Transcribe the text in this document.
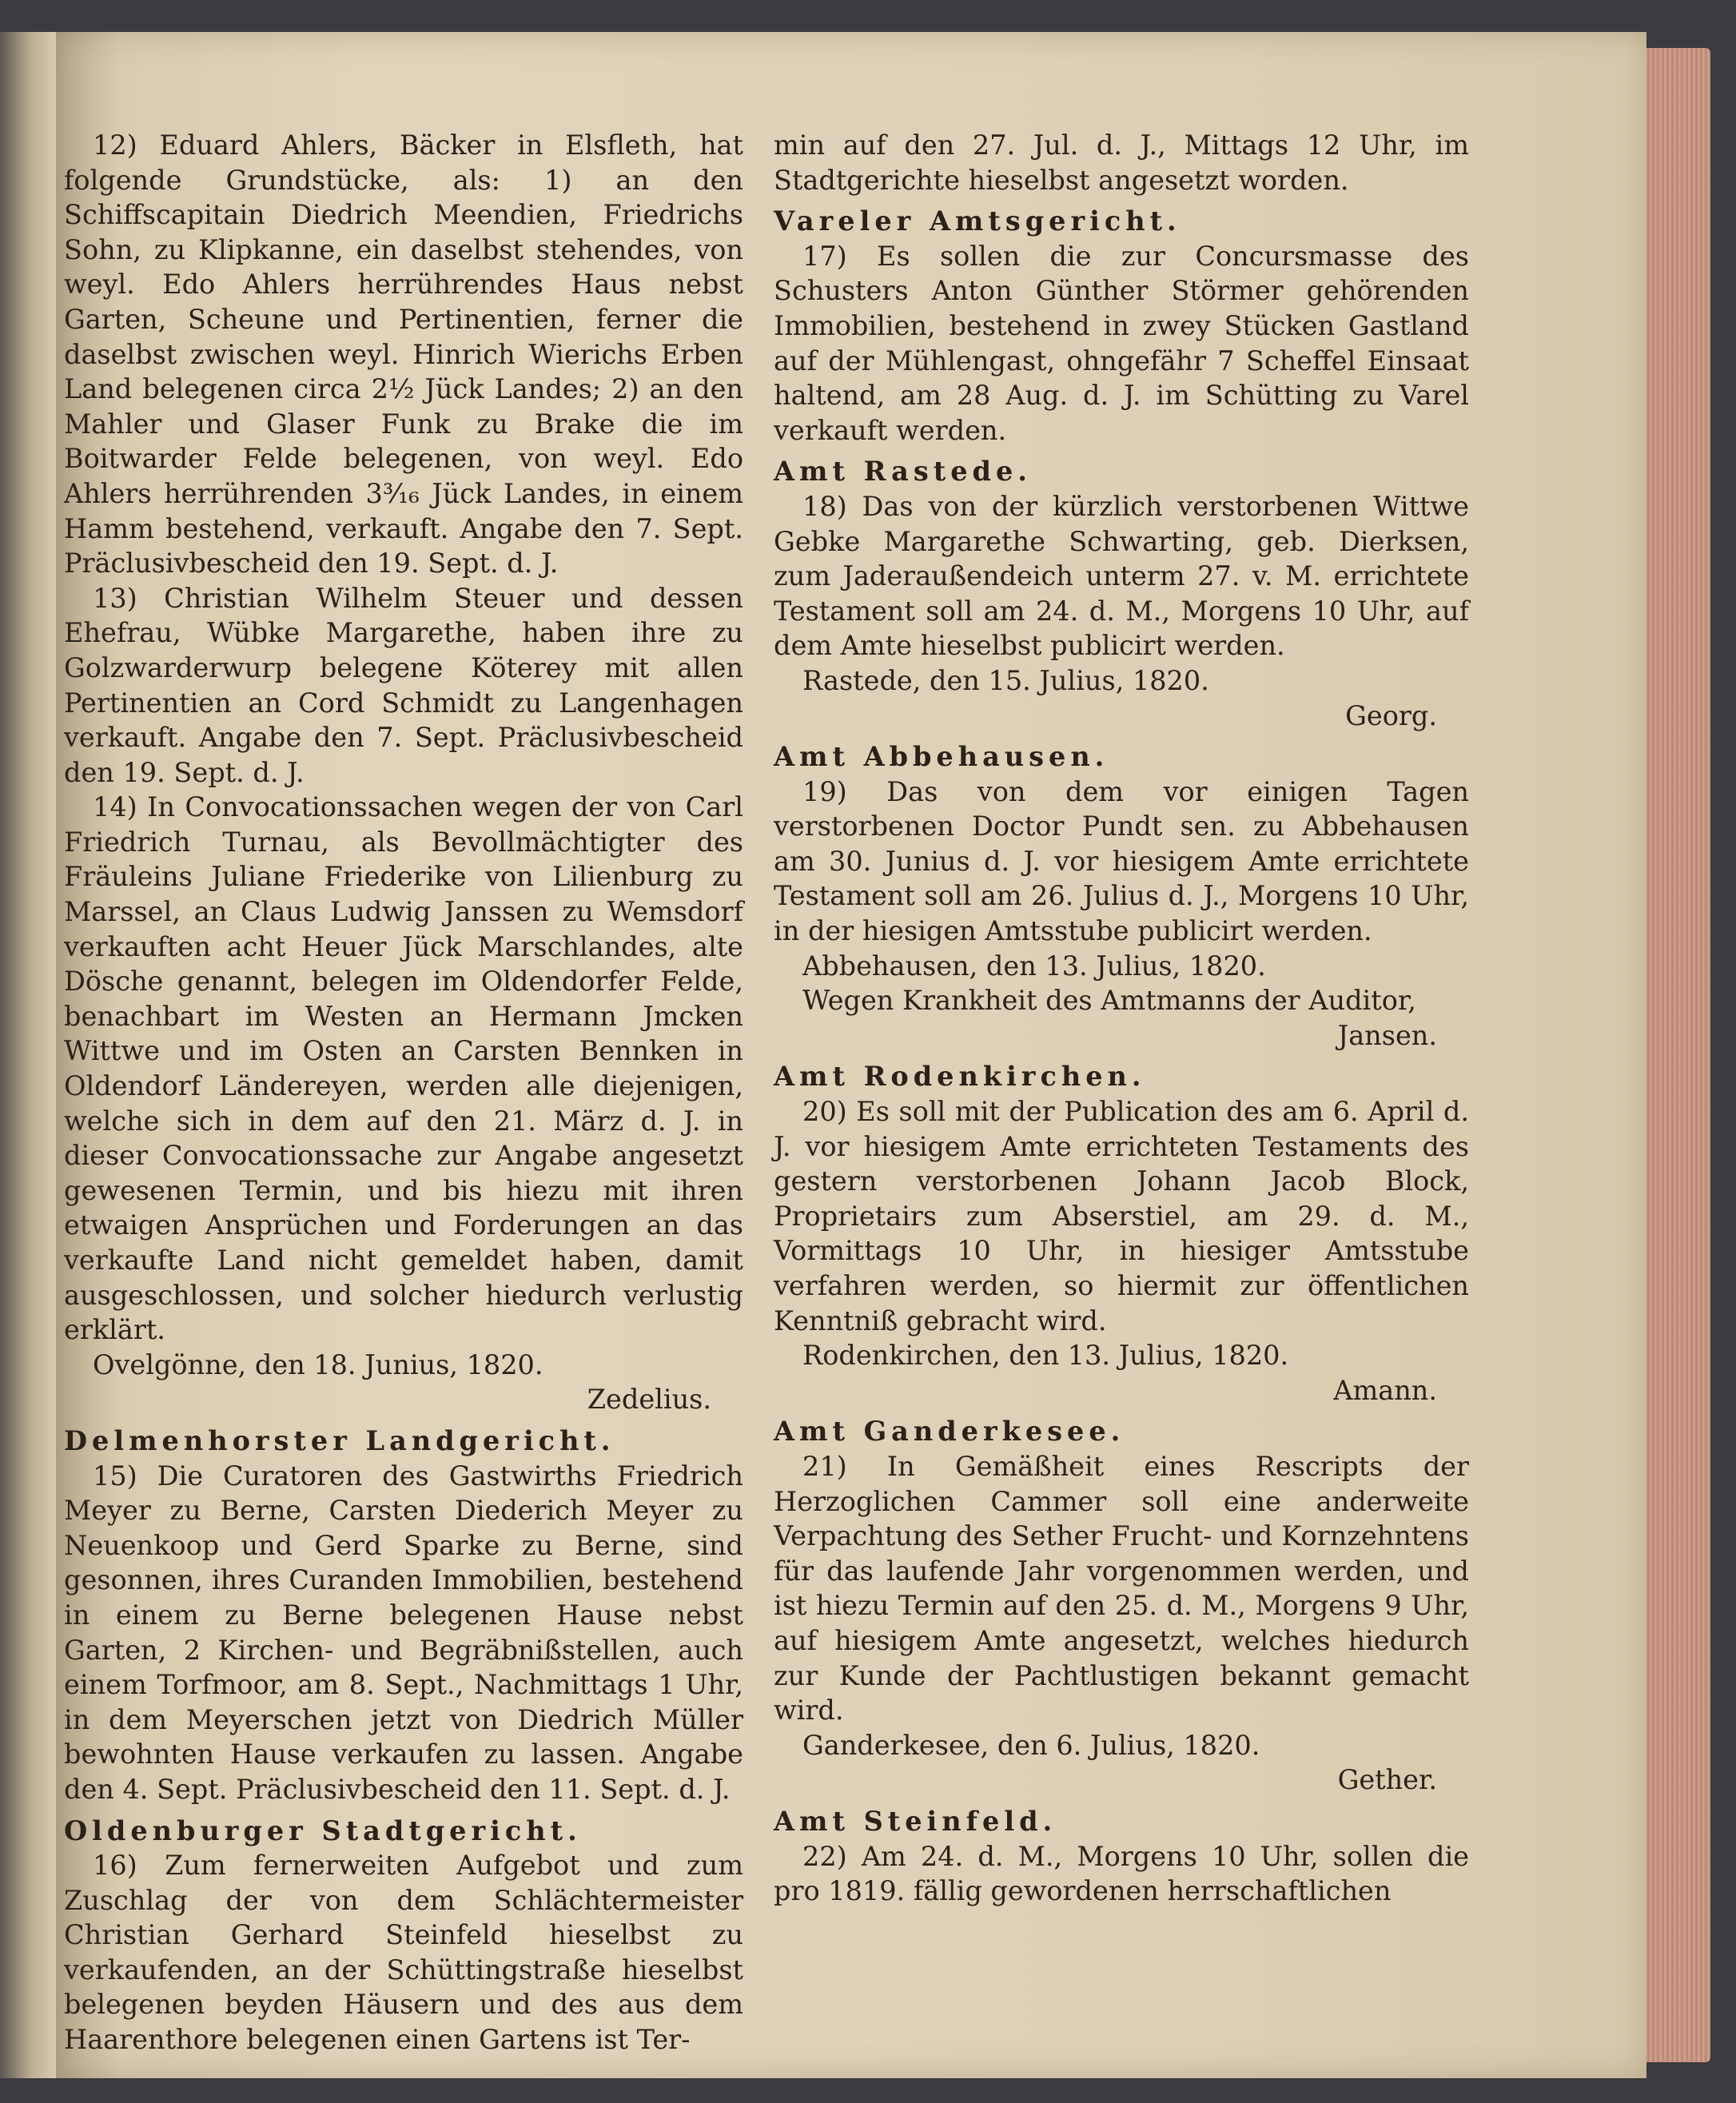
12) Eduard Ahlers, Bäcker in Elsfleth, hat folgende Grundstücke, als: 1) an den Schiffscapitain Diedrich Meendien, Friedrichs Sohn, zu Klipkanne, ein daselbst stehendes, von weyl. Edo Ahlers herrührendes Haus nebst Garten, Scheune und Pertinentien, ferner die daselbst zwischen weyl. Hinrich Wierichs Erben Land belegenen circa 2½ Jück Landes; 2) an den Mahler und Glaser Funk zu Brake die im Boitwarder Felde belegenen, von weyl. Edo Ahlers herrührenden 3³⁄₁₆ Jück Landes, in einem Hamm bestehend, verkauft. Angabe den 7. Sept. Präclusivbescheid den 19. Sept. d. J.

13) Christian Wilhelm Steuer und dessen Ehefrau, Wübke Margarethe, haben ihre zu Golzwarderwurp belegene Köterey mit allen Pertinentien an Cord Schmidt zu Langenhagen verkauft. Angabe den 7. Sept. Präclusivbescheid den 19. Sept. d. J.

14) In Convocationssachen wegen der von Carl Friedrich Turnau, als Bevollmächtigter des Fräuleins Juliane Friederike von Lilienburg zu Marssel, an Claus Ludwig Janssen zu Wemsdorf verkauften acht Heuer Jück Marschlandes, alte Dösche genannt, belegen im Oldendorfer Felde, benachbart im Westen an Hermann Jmcken Wittwe und im Osten an Carsten Bennken in Oldendorf Ländereyen, werden alle diejenigen, welche sich in dem auf den 21. März d. J. in dieser Convocationssache zur Angabe angesetzt gewesenen Termin, und bis hiezu mit ihren etwaigen Ansprüchen und Forderungen an das verkaufte Land nicht gemeldet haben, damit ausgeschlossen, und solcher hiedurch verlustig erklärt.

Ovelgönne, den 18. Junius, 1820.

Zedelius.

Delmenhorster Landgericht.

15) Die Curatoren des Gastwirths Friedrich Meyer zu Berne, Carsten Diederich Meyer zu Neuenkoop und Gerd Sparke zu Berne, sind gesonnen, ihres Curanden Immobilien, bestehend in einem zu Berne belegenen Hause nebst Garten, 2 Kirchen- und Begräbnißstellen, auch einem Torfmoor, am 8. Sept., Nachmittags 1 Uhr, in dem Meyerschen jetzt von Diedrich Müller bewohnten Hause verkaufen zu lassen. Angabe den 4. Sept. Präclusivbescheid den 11. Sept. d. J.

Oldenburger Stadtgericht.

16) Zum fernerweiten Aufgebot und zum Zuschlag der von dem Schlächtermeister Christian Gerhard Steinfeld hieselbst zu verkaufenden, an der Schüttingstraße hieselbst belegenen beyden Häusern und des aus dem Haarenthore belegenen einen Gartens ist Ter-

min auf den 27. Jul. d. J., Mittags 12 Uhr, im Stadtgerichte hieselbst angesetzt worden.

Vareler Amtsgericht.

17) Es sollen die zur Concursmasse des Schusters Anton Günther Störmer gehörenden Immobilien, bestehend in zwey Stücken Gastland auf der Mühlengast, ohngefähr 7 Scheffel Einsaat haltend, am 28 Aug. d. J. im Schütting zu Varel verkauft werden.

Amt Rastede.

18) Das von der kürzlich verstorbenen Wittwe Gebke Margarethe Schwarting, geb. Dierksen, zum Jaderaußendeich unterm 27. v. M. errichtete Testament soll am 24. d. M., Morgens 10 Uhr, auf dem Amte hieselbst publicirt werden.

Rastede, den 15. Julius, 1820.

Georg.

Amt Abbehausen.

19) Das von dem vor einigen Tagen verstorbenen Doctor Pundt sen. zu Abbehausen am 30. Junius d. J. vor hiesigem Amte errichtete Testament soll am 26. Julius d. J., Morgens 10 Uhr, in der hiesigen Amtsstube publicirt werden.

Abbehausen, den 13. Julius, 1820.

Wegen Krankheit des Amtmanns der Auditor,

Jansen.

Amt Rodenkirchen.

20) Es soll mit der Publication des am 6. April d. J. vor hiesigem Amte errichteten Testaments des gestern verstorbenen Johann Jacob Block, Proprietairs zum Abserstiel, am 29. d. M., Vormittags 10 Uhr, in hiesiger Amtsstube verfahren werden, so hiermit zur öffentlichen Kenntniß gebracht wird.

Rodenkirchen, den 13. Julius, 1820.

Amann.

Amt Ganderkesee.

21) In Gemäßheit eines Rescripts der Herzoglichen Cammer soll eine anderweite Verpachtung des Sether Frucht- und Kornzehntens für das laufende Jahr vorgenommen werden, und ist hiezu Termin auf den 25. d. M., Morgens 9 Uhr, auf hiesigem Amte angesetzt, welches hiedurch zur Kunde der Pachtlustigen bekannt gemacht wird.

Ganderkesee, den 6. Julius, 1820.

Gether.

Amt Steinfeld.

22) Am 24. d. M., Morgens 10 Uhr, sollen die pro 1819. fällig gewordenen herrschaftlichen
